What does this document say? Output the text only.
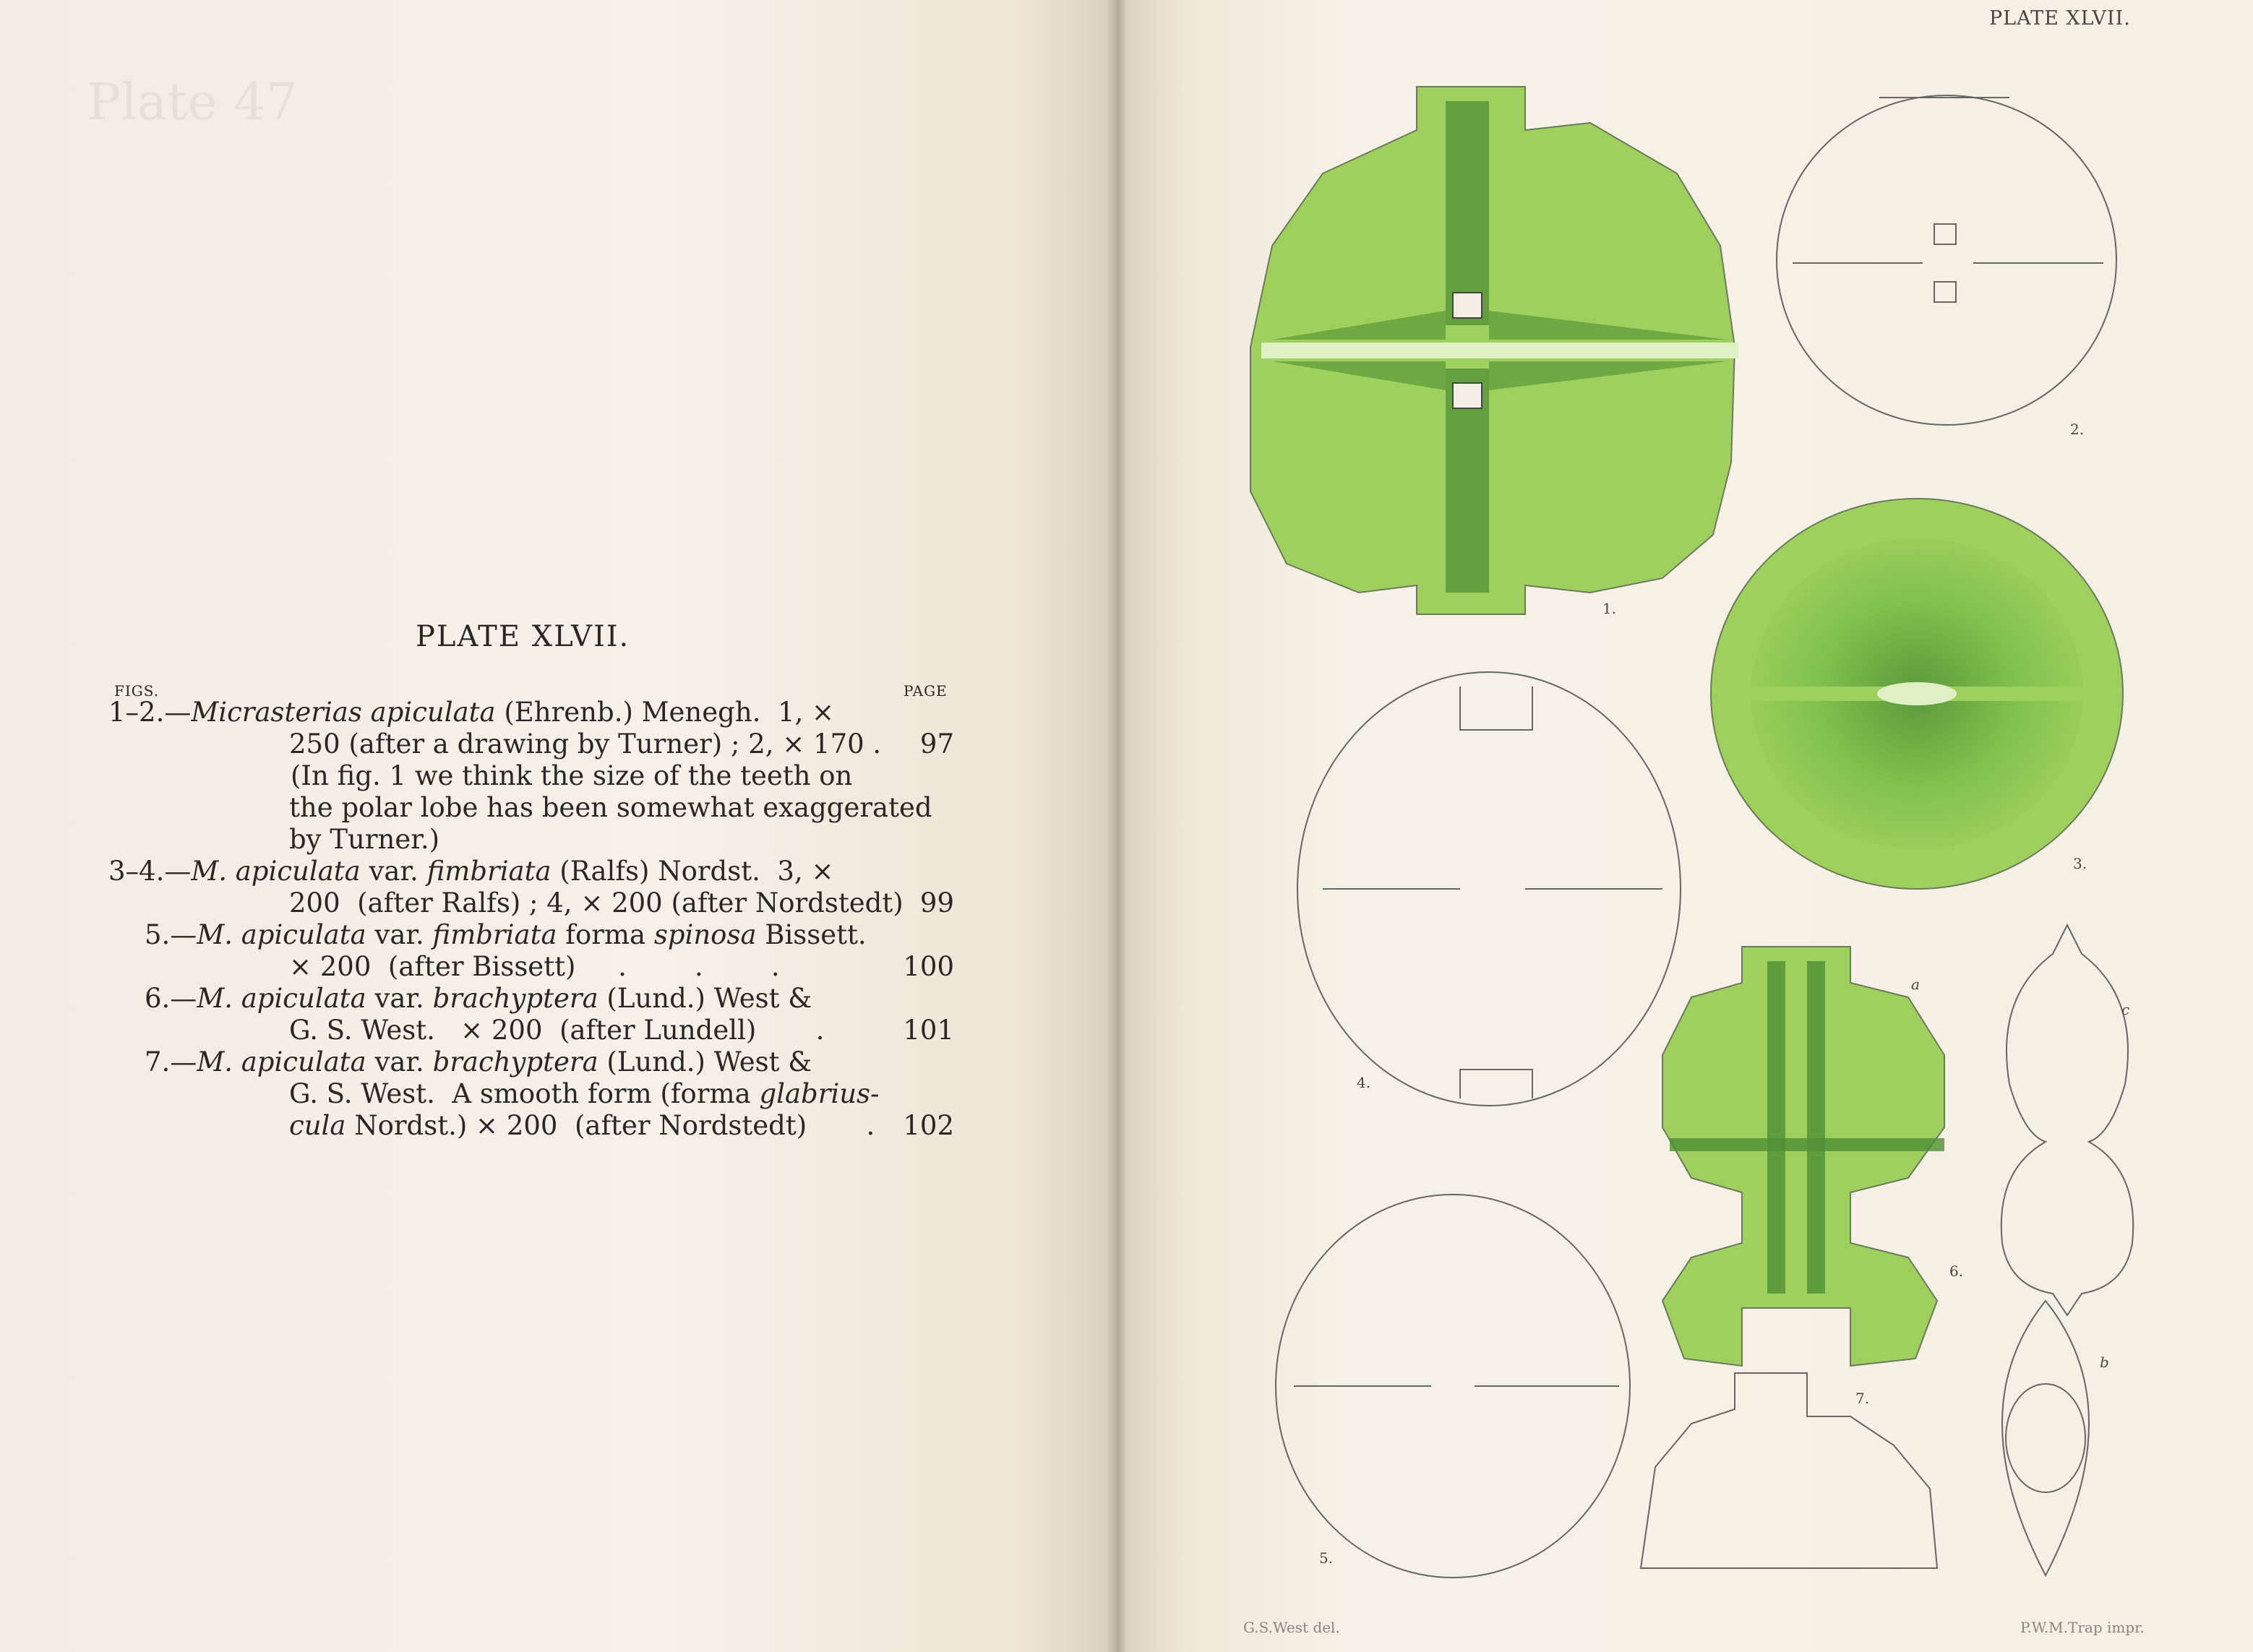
Plate 47
PLATE XLVII.
FIGS.	PAGE
1–2.—Micrasterias apiculata (Ehrenb.) Menegh.  1, ×
250 (after a drawing by Turner) ; 2, × 170 . 97
(In fig. 1 we think the size of the teeth on
the polar lobe has been somewhat exaggerated
by Turner.)
3–4.—M. apiculata var. fimbriata (Ralfs) Nordst.  3, ×
200  (after Ralfs) ; 4, × 200 (after Nordstedt) 99
5.—M. apiculata var. fimbriata forma spinosa Bissett.
× 200  (after Bissett)     .        .        .	100
6.—M. apiculata var. brachyptera (Lund.) West &
G. S. West.   × 200  (after Lundell)       .	101
7.—M. apiculata var. brachyptera (Lund.) West &
G. S. West.  A smooth form (forma glabrius-
cula Nordst.) × 200  (after Nordstedt)       . 102
PLATE XLVII.
1.
2.
3.
4.
5.
6.
7.
a
b
c
G.S.West del.	P.W.M.Trap impr.
